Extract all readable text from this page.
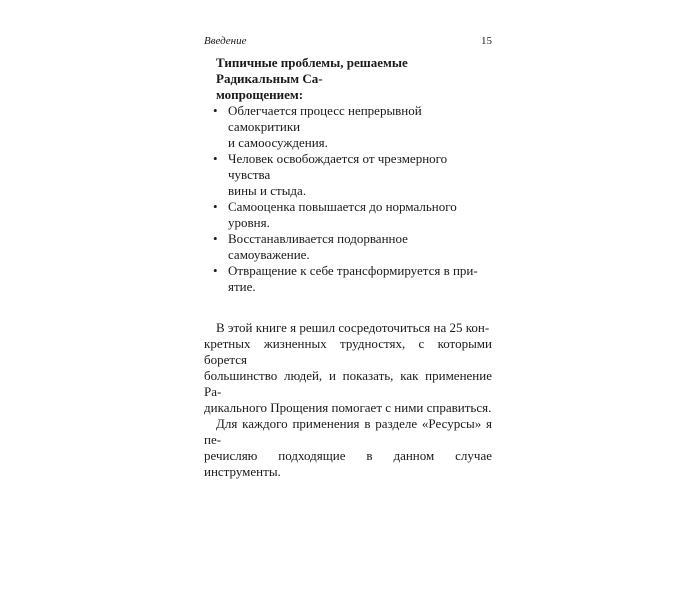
Введение	15

Типичные проблемы, решаемые Радикальным Са-
мопрощением:

• Облегчается процесс непрерывной самокритики
и самоосуждения.
• Человек освобождается от чрезмерного чувства
вины и стыда.
• Самооценка повышается до нормального уровня.
• Восстанавливается подорванное самоуважение.
• Отвращение к себе трансформируется в при-
ятие.

В этой книге я решил сосредоточиться на 25 кон-
кретных жизненных трудностях, с которыми борется
большинство людей, и показать, как применение Ра-
дикального Прощения помогает с ними справиться.

Для каждого применения в разделе «Ресурсы» я пе-
речисляю подходящие в данном случае инструменты.
